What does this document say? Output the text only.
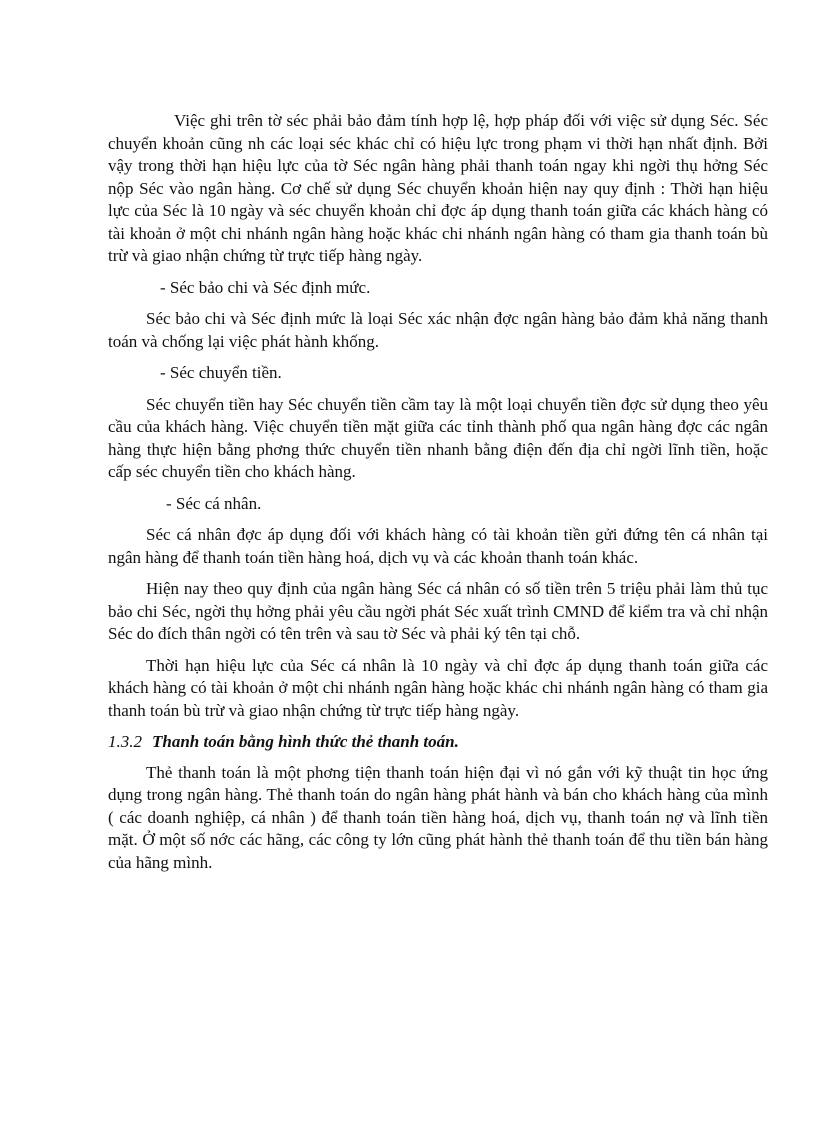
Việc ghi trên tờ séc phải bảo đảm tính hợp lệ, hợp pháp đối với việc sử dụng Séc. Séc chuyển khoản cũng nh các loại séc khác chỉ có hiệu lực trong phạm vi thời hạn nhất định. Bởi vậy trong thời hạn hiệu lực của tờ Séc ngân hàng phải thanh toán ngay khi ngời thụ hởng Séc nộp Séc vào ngân hàng. Cơ chế sử dụng Séc chuyển khoản hiện nay quy định : Thời hạn hiệu lực của Séc là 10 ngày và séc chuyển khoản chỉ đợc áp dụng thanh toán giữa các khách hàng có tài khoản ở một chi nhánh ngân hàng hoặc khác chi nhánh ngân hàng có tham gia thanh toán bù trừ và giao nhận chứng từ trực tiếp hàng ngày.

- Séc bảo chi và Séc định mức.

Séc bảo chi và Séc định mức là loại Séc xác nhận đợc ngân hàng bảo đảm khả năng thanh toán và chống lại việc phát hành khống.

- Séc chuyển tiền.

Séc chuyển tiền hay Séc chuyển tiền cầm tay là một loại chuyển tiền đợc sử dụng theo yêu cầu của khách hàng. Việc chuyển tiền mặt giữa các tỉnh thành phố qua ngân hàng đợc các ngân hàng thực hiện bằng phơng thức chuyển tiền nhanh bằng điện đến địa chỉ ngời lĩnh tiền, hoặc cấp séc chuyển tiền cho khách hàng.

- Séc cá nhân.

Séc cá nhân đợc áp dụng đối với khách hàng có tài khoản tiền gửi đứng tên cá nhân tại ngân hàng để thanh toán tiền hàng hoá, dịch vụ và các khoản thanh toán khác.

Hiện nay theo quy định của ngân hàng Séc cá nhân có số tiền trên 5 triệu phải làm thủ tục bảo chi Séc, ngời thụ hởng phải yêu cầu ngời phát Séc xuất trình CMND để kiểm tra và chỉ nhận Séc do đích thân ngời có tên trên và sau tờ Séc và phải ký tên tại chỗ.

Thời hạn hiệu lực của Séc cá nhân là 10 ngày và chỉ đợc áp dụng thanh toán giữa các khách hàng có tài khoản ở một chi nhánh ngân hàng hoặc khác chi nhánh ngân hàng có tham gia thanh toán bù trừ và giao nhận chứng từ trực tiếp hàng ngày.

1.3.2 Thanh toán bằng hình thức thẻ thanh toán.

Thẻ thanh toán là một phơng tiện thanh toán hiện đại vì nó gắn với kỹ thuật tin học ứng dụng trong ngân hàng. Thẻ thanh toán do ngân hàng phát hành và bán cho khách hàng của mình ( các doanh nghiệp, cá nhân ) để thanh toán tiền hàng hoá, dịch vụ, thanh toán nợ và lĩnh tiền mặt. Ở một số nớc các hãng, các công ty lớn cũng phát hành thẻ thanh toán để thu tiền bán hàng của hãng mình.
